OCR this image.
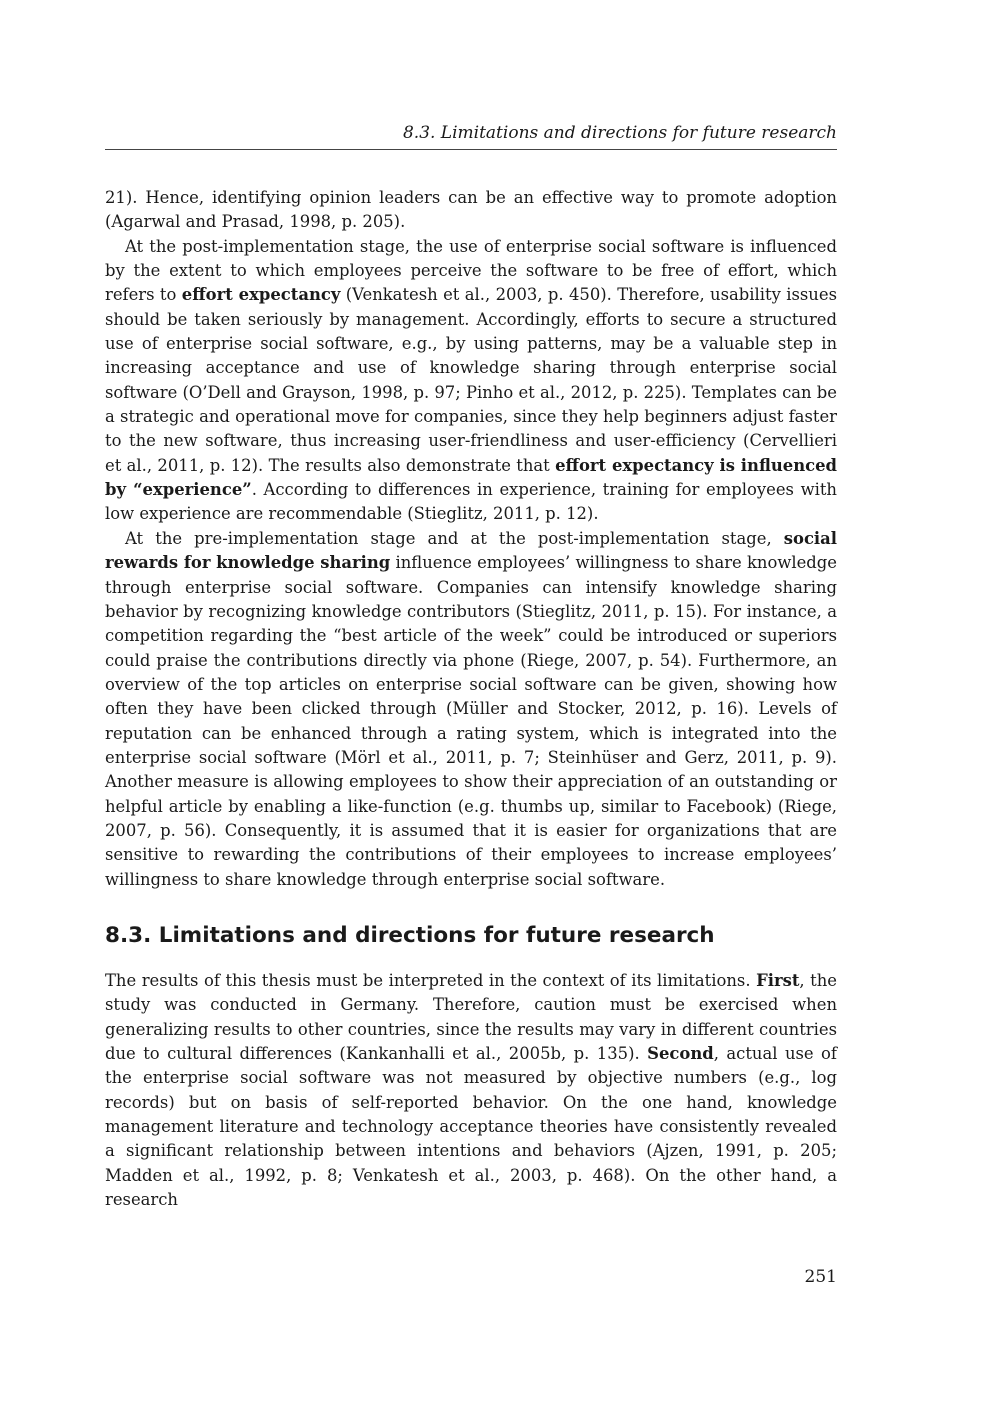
8.3. Limitations and directions for future research

21). Hence, identifying opinion leaders can be an effective way to promote adoption (Agarwal and Prasad, 1998, p. 205).

At the post-implementation stage, the use of enterprise social software is influenced by the extent to which employees perceive the software to be free of effort, which refers to effort expectancy (Venkatesh et al., 2003, p. 450). Therefore, usability issues should be taken seriously by management. Accordingly, efforts to secure a structured use of enterprise social software, e.g., by using patterns, may be a valuable step in increasing acceptance and use of knowledge sharing through enterprise social software (O’Dell and Grayson, 1998, p. 97; Pinho et al., 2012, p. 225). Templates can be a strategic and operational move for companies, since they help beginners adjust faster to the new software, thus increasing user-friendliness and user-efficiency (Cervellieri et al., 2011, p. 12). The results also demonstrate that effort expectancy is influenced by “experience”. According to differences in experience, training for employees with low experience are recommendable (Stieglitz, 2011, p. 12).

At the pre-implementation stage and at the post-implementation stage, social rewards for knowledge sharing influence employees’ willingness to share knowledge through enterprise social software. Companies can intensify knowledge sharing behavior by recognizing knowledge contributors (Stieglitz, 2011, p. 15). For instance, a competition regarding the “best article of the week” could be introduced or superiors could praise the contributions directly via phone (Riege, 2007, p. 54). Furthermore, an overview of the top articles on enterprise social software can be given, showing how often they have been clicked through (Müller and Stocker, 2012, p. 16). Levels of reputation can be enhanced through a rating system, which is integrated into the enterprise social software (Mörl et al., 2011, p. 7; Steinhüser and Gerz, 2011, p. 9). Another measure is allowing employees to show their appreciation of an outstanding or helpful article by enabling a like-function (e.g. thumbs up, similar to Facebook) (Riege, 2007, p. 56). Consequently, it is assumed that it is easier for organizations that are sensitive to rewarding the contributions of their employees to increase employees’ willingness to share knowledge through enterprise social software.

8.3. Limitations and directions for future research

The results of this thesis must be interpreted in the context of its limitations. First, the study was conducted in Germany. Therefore, caution must be exercised when generalizing results to other countries, since the results may vary in different countries due to cultural differences (Kankanhalli et al., 2005b, p. 135). Second, actual use of the enterprise social software was not measured by objective numbers (e.g., log records) but on basis of self-reported behavior. On the one hand, knowledge management literature and technology acceptance theories have consistently revealed a significant relationship between intentions and behaviors (Ajzen, 1991, p. 205; Madden et al., 1992, p. 8; Venkatesh et al., 2003, p. 468). On the other hand, a research

251
